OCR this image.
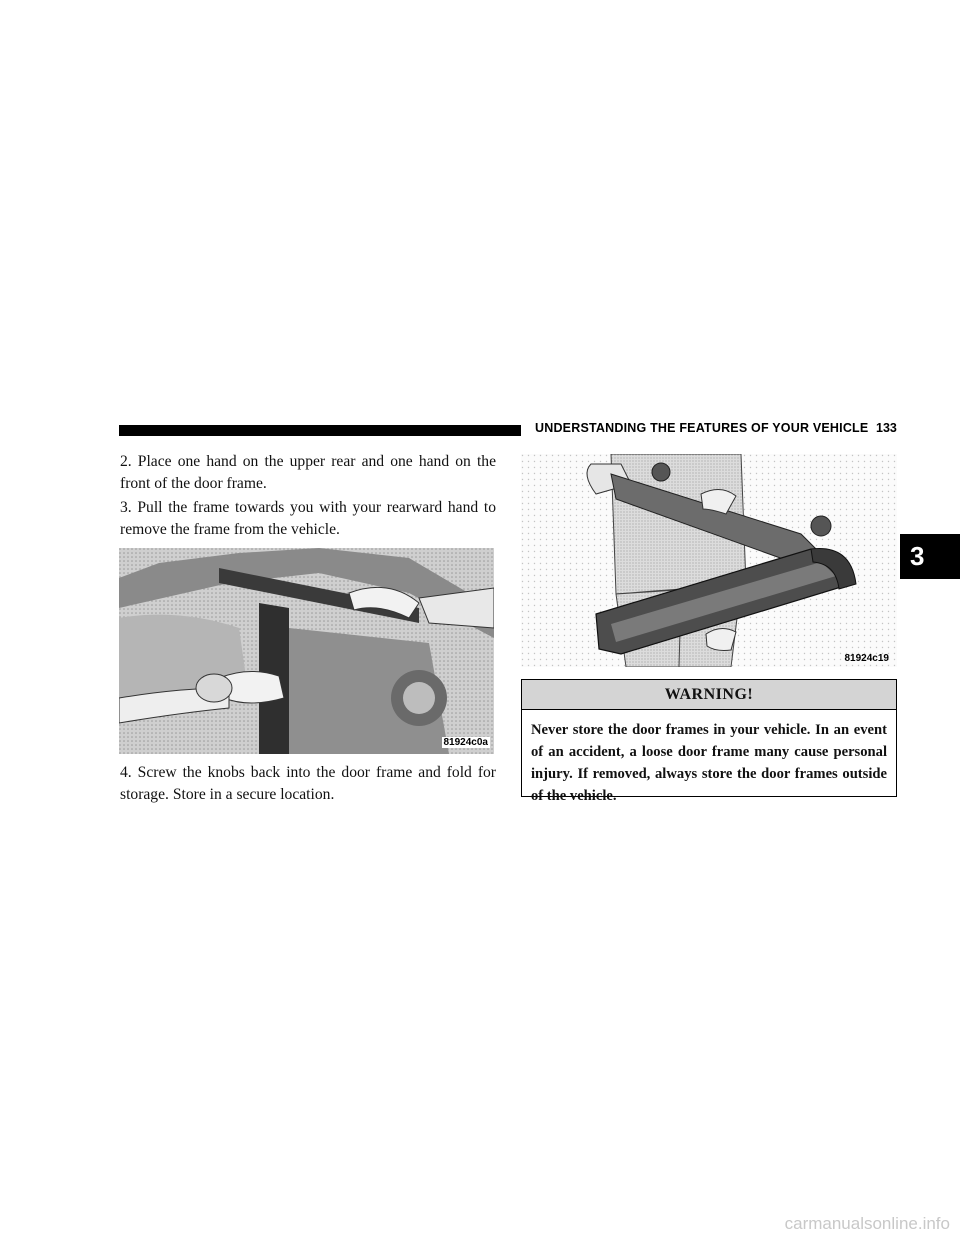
UNDERSTANDING THE FEATURES OF YOUR VEHICLE 133
3

2. Place one hand on the upper rear and one hand on the front of the door frame.

3. Pull the frame towards you with your rearward hand to remove the frame from the vehicle.

81924c0a

4. Screw the knobs back into the door frame and fold for storage. Store in a secure location.

81924c19
WARNING!
Never store the door frames in your vehicle. In an event of an accident, a loose door frame many cause personal injury. If removed, always store the door frames outside of the vehicle.
carmanualsonline.info
